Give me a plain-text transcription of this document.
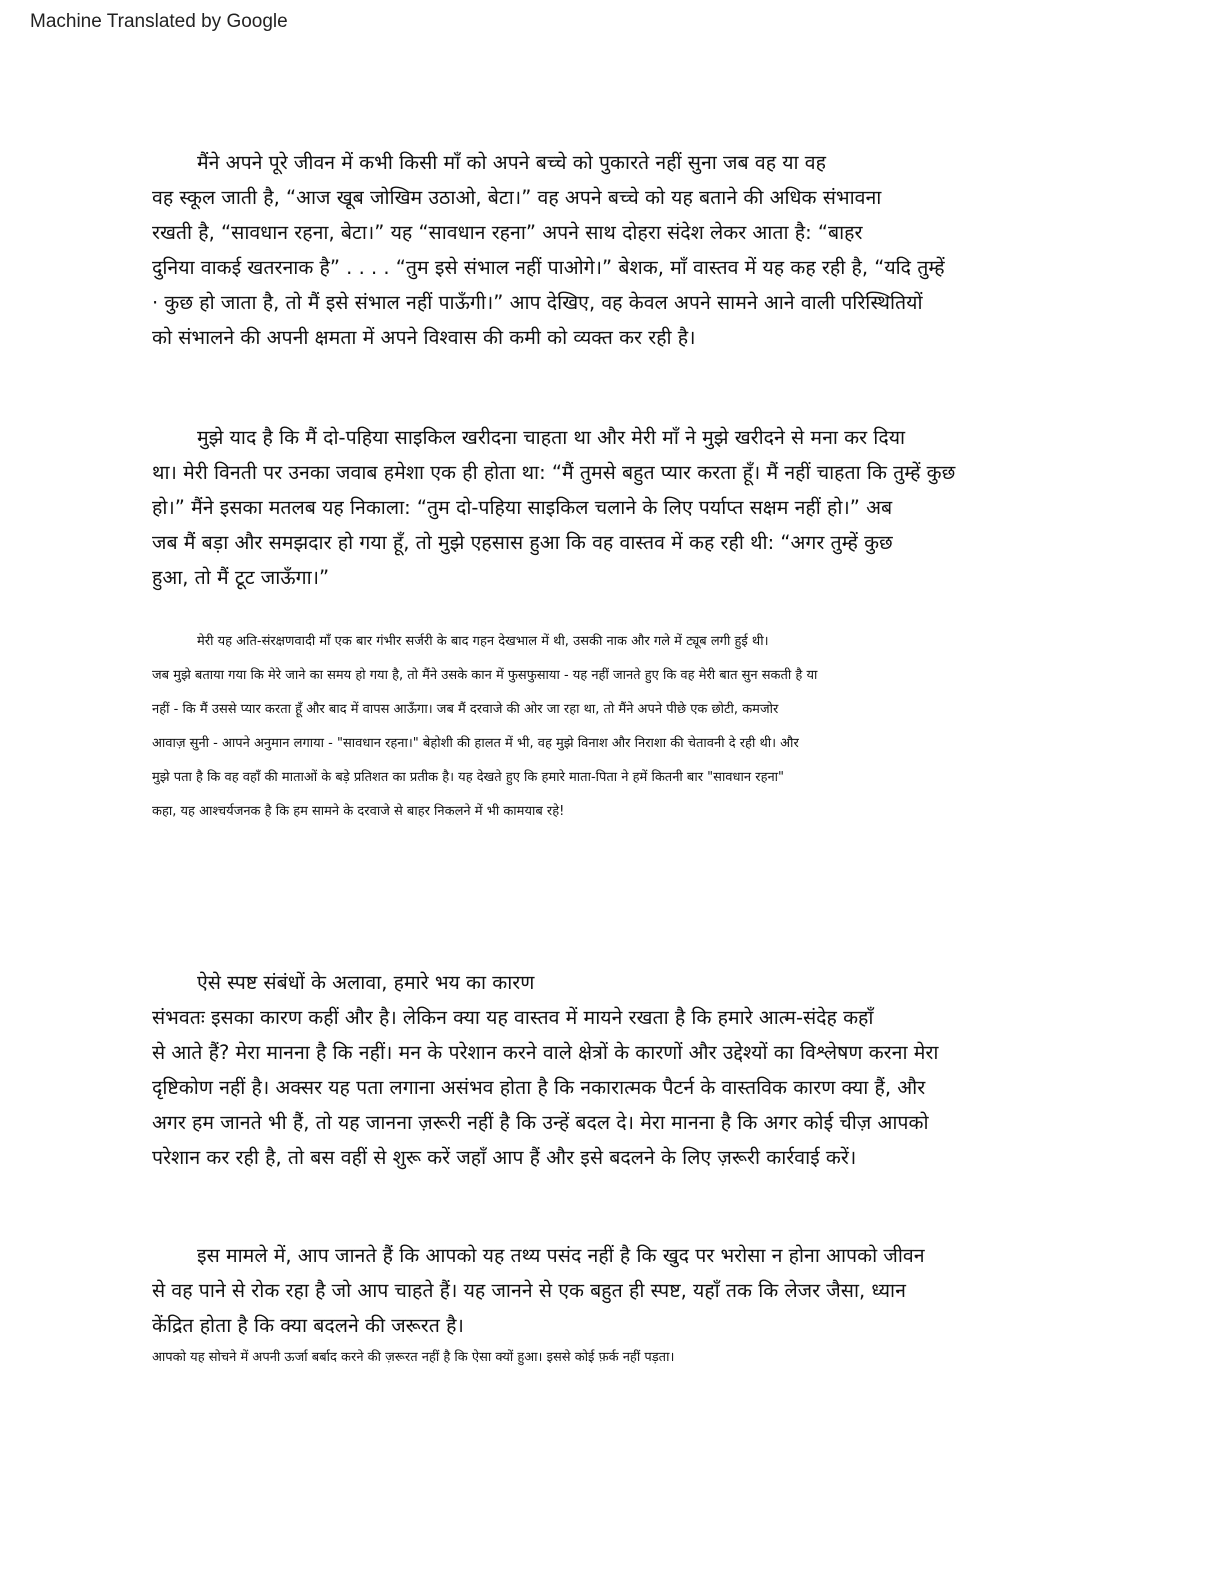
Machine Translated by Google
मैंने अपने पूरे जीवन में कभी किसी माँ को अपने बच्चे को पुकारते नहीं सुना जब वह या वह
वह स्कूल जाती है, “आज खूब जोखिम उठाओ, बेटा।” वह अपने बच्चे को यह बताने की अधिक संभावना
रखती है, “सावधान रहना, बेटा।” यह “सावधान रहना” अपने साथ दोहरा संदेश लेकर आता है: “बाहर
दुनिया वाकई खतरनाक है” . . . . “तुम इसे संभाल नहीं पाओगे।” बेशक, माँ वास्तव में यह कह रही है, “यदि तुम्हें
· कुछ हो जाता है, तो मैं इसे संभाल नहीं पाऊँगी।” आप देखिए, वह केवल अपने सामने आने वाली परिस्थितियों
को संभालने की अपनी क्षमता में अपने विश्वास की कमी को व्यक्त कर रही है।
मुझे याद है कि मैं दो-पहिया साइकिल खरीदना चाहता था और मेरी माँ ने मुझे खरीदने से मना कर दिया
था। मेरी विनती पर उनका जवाब हमेशा एक ही होता था: “मैं तुमसे बहुत प्यार करता हूँ। मैं नहीं चाहता कि तुम्हें कुछ
हो।” मैंने इसका मतलब यह निकाला: “तुम दो-पहिया साइकिल चलाने के लिए पर्याप्त सक्षम नहीं हो।” अब
जब मैं बड़ा और समझदार हो गया हूँ, तो मुझे एहसास हुआ कि वह वास्तव में कह रही थी: “अगर तुम्हें कुछ
हुआ, तो मैं टूट जाऊँगा।”
मेरी यह अति-संरक्षणवादी माँ एक बार गंभीर सर्जरी के बाद गहन देखभाल में थी, उसकी नाक और गले में ट्यूब लगी हुई थी।
जब मुझे बताया गया कि मेरे जाने का समय हो गया है, तो मैंने उसके कान में फुसफुसाया - यह नहीं जानते हुए कि वह मेरी बात सुन सकती है या
नहीं - कि मैं उससे प्यार करता हूँ और बाद में वापस आऊँगा। जब मैं दरवाजे की ओर जा रहा था, तो मैंने अपने पीछे एक छोटी, कमजोर
आवाज़ सुनी - आपने अनुमान लगाया - "सावधान रहना।" बेहोशी की हालत में भी, वह मुझे विनाश और निराशा की चेतावनी दे रही थी। और
मुझे पता है कि वह वहाँ की माताओं के बड़े प्रतिशत का प्रतीक है। यह देखते हुए कि हमारे माता-पिता ने हमें कितनी बार "सावधान रहना"
कहा, यह आश्चर्यजनक है कि हम सामने के दरवाजे से बाहर निकलने में भी कामयाब रहे!
ऐसे स्पष्ट संबंधों के अलावा, हमारे भय का कारण
संभवतः इसका कारण कहीं और है। लेकिन क्या यह वास्तव में मायने रखता है कि हमारे आत्म-संदेह कहाँ
से आते हैं? मेरा मानना है कि नहीं। मन के परेशान करने वाले क्षेत्रों के कारणों और उद्देश्यों का विश्लेषण करना मेरा
दृष्टिकोण नहीं है। अक्सर यह पता लगाना असंभव होता है कि नकारात्मक पैटर्न के वास्तविक कारण क्या हैं, और
अगर हम जानते भी हैं, तो यह जानना ज़रूरी नहीं है कि उन्हें बदल दे। मेरा मानना है कि अगर कोई चीज़ आपको
परेशान कर रही है, तो बस वहीं से शुरू करें जहाँ आप हैं और इसे बदलने के लिए ज़रूरी कार्रवाई करें।
इस मामले में, आप जानते हैं कि आपको यह तथ्य पसंद नहीं है कि खुद पर भरोसा न होना आपको जीवन
से वह पाने से रोक रहा है जो आप चाहते हैं। यह जानने से एक बहुत ही स्पष्ट, यहाँ तक कि लेजर जैसा, ध्यान
केंद्रित होता है कि क्या बदलने की जरूरत है।
आपको यह सोचने में अपनी ऊर्जा बर्बाद करने की ज़रूरत नहीं है कि ऐसा क्यों हुआ। इससे कोई फ़र्क नहीं पड़ता।
